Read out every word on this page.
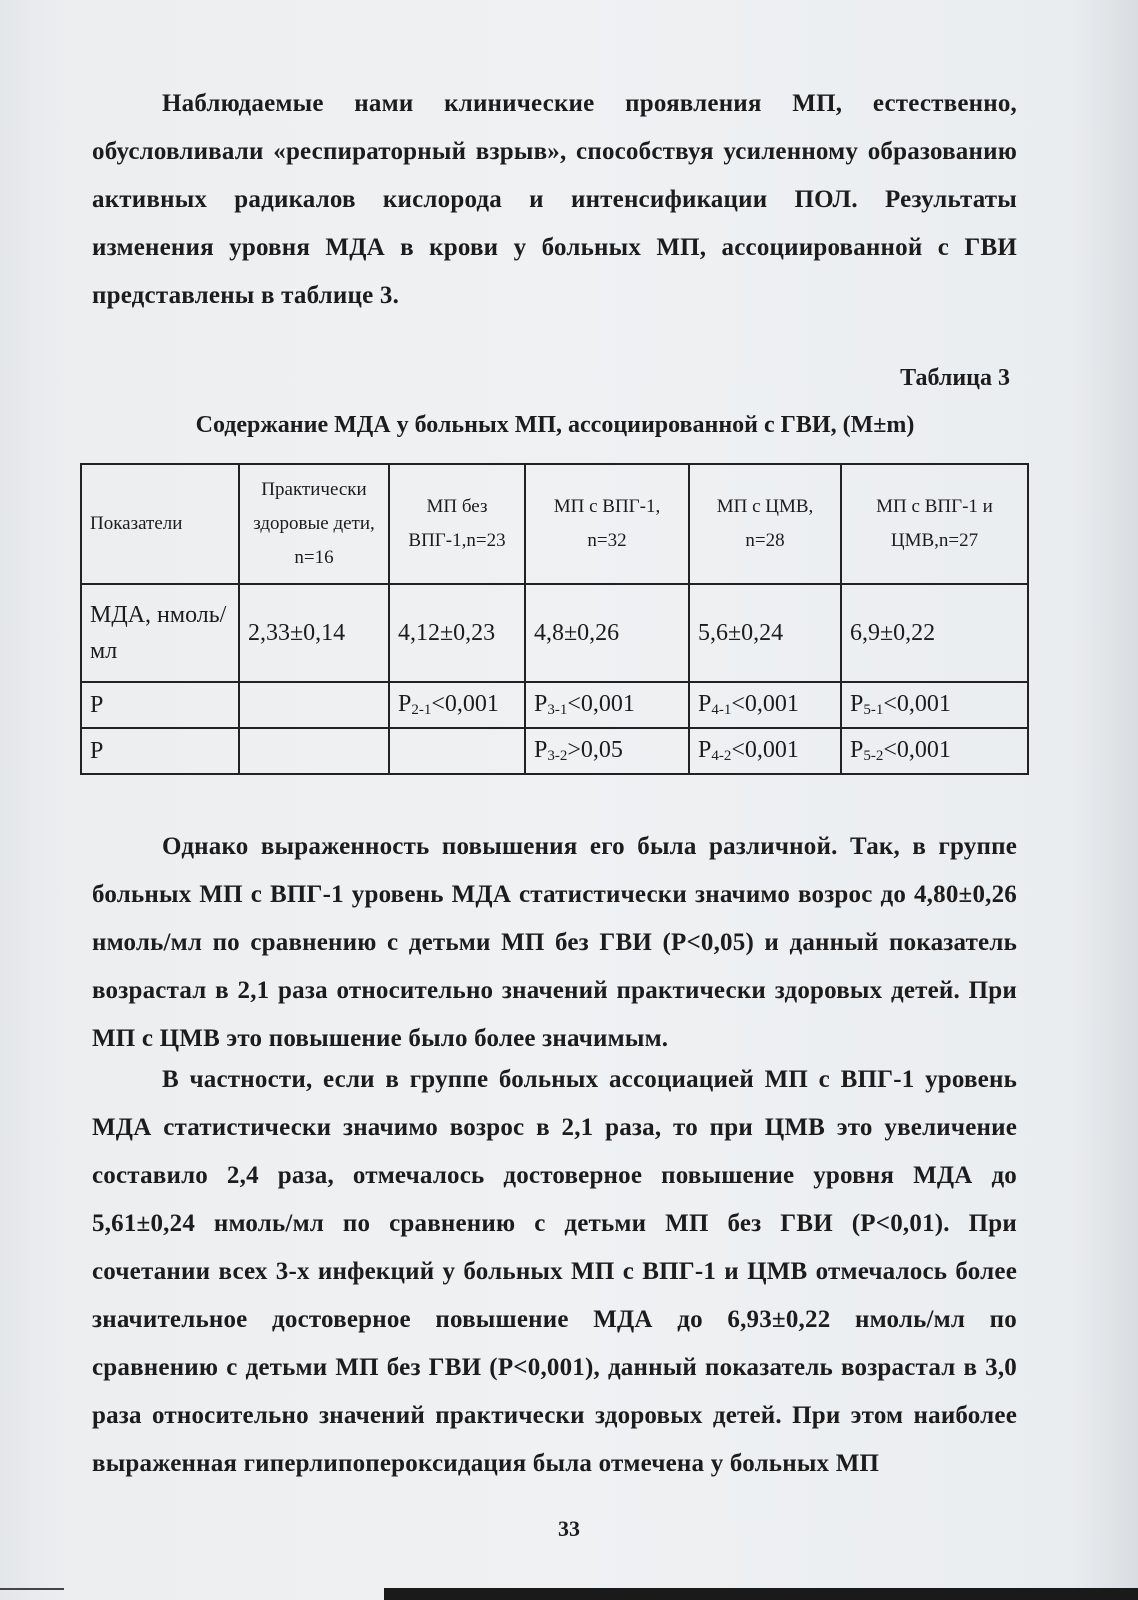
Наблюдаемые нами клинические проявления МП, естественно, обусловливали «респираторный взрыв», способствуя усиленному образованию активных радикалов кислорода и интенсификации ПОЛ. Результаты изменения уровня МДА в крови у больных МП, ассоциированной с ГВИ представлены в таблице 3.

Таблица 3
Содержание МДА у больных МП, ассоциированной с ГВИ, (M±m)
Показатели	Практически здоровые дети, n=16	МП без ВПГ-1,n=23	МП с ВПГ-1, n=32	МП с ЦМВ, n=28	МП с ВПГ-1 и ЦМВ,n=27
МДА, нмоль/мл	2,33±0,14	4,12±0,23	4,8±0,26	5,6±0,24	6,9±0,22
P		$P_{2-1}<0,001$	$P_{3-1}<0,001$	$P_{4-1}<0,001$	$P_{5-1}<0,001$
P			$P_{3-2}>0,05$	$P_{4-2}<0,001$	$P_{5-2}<0,001$

Однако выраженность повышения его была различной. Так, в группе больных МП с ВПГ-1 уровень МДА статистически значимо возрос до 4,80±0,26 нмоль/мл по сравнению с детьми МП без ГВИ (P<0,05) и данный показатель возрастал в 2,1 раза относительно значений практически здоровых детей. При МП с ЦМВ это повышение было более значимым.

В частности, если в группе больных ассоциацией МП с ВПГ-1 уровень МДА статистически значимо возрос в 2,1 раза, то при ЦМВ это увеличение составило 2,4 раза, отмечалось достоверное повышение уровня МДА до 5,61±0,24 нмоль/мл по сравнению с детьми МП без ГВИ (P<0,01). При сочетании всех 3-х инфекций у больных МП с ВПГ-1 и ЦМВ отмечалось более значительное достоверное повышение МДА до 6,93±0,22 нмоль/мл по сравнению с детьми МП без ГВИ (P<0,001), данный показатель возрастал в 3,0 раза относительно значений практически здоровых детей. При этом наиболее выраженная гиперлипопероксидация была отмечена у больных МП

33
